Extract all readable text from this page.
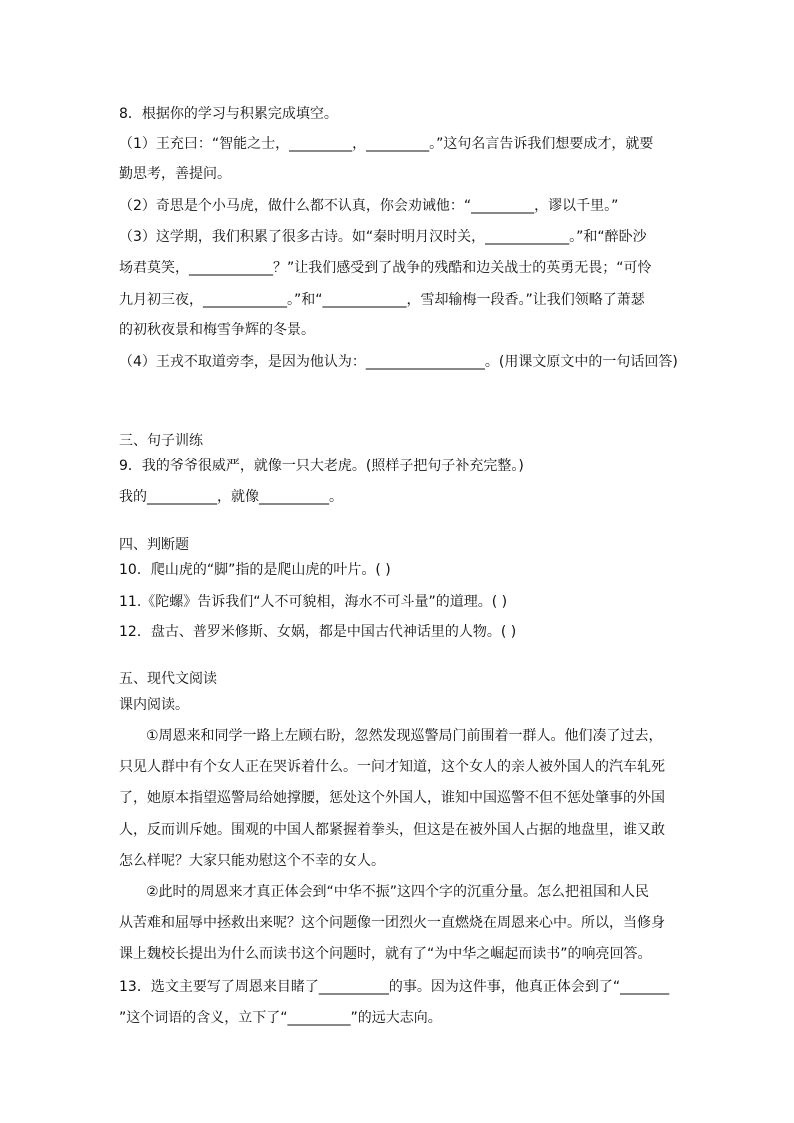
8．根据你的学习与积累完成填空。
（1）王充曰：“智能之士，_________，_________。”这句名言告诉我们想要成才，就要
勤思考，善提问。
（2）奇思是个小马虎，做什么都不认真，你会劝诫他：“_________，谬以千里。”
（3）这学期，我们积累了很多古诗。如“秦时明月汉时关，____________。”和“醉卧沙
场君莫笑，____________？”让我们感受到了战争的残酷和边关战士的英勇无畏；“可怜
九月初三夜，____________。”和“____________，雪却输梅一段香。”让我们领略了萧瑟
的初秋夜景和梅雪争辉的冬景。
（4）王戎不取道旁李，是因为他认为：_________________。(用课文原文中的一句话回答)
三、句子训练
9．我的爷爷很威严，就像一只大老虎。(照样子把句子补充完整。)
我的__________，就像__________。
四、判断题
10．爬山虎的“脚”指的是爬山虎的叶片。( )
11.《陀螺》告诉我们“人不可貌相，海水不可斗量”的道理。( )
12．盘古、普罗米修斯、女娲，都是中国古代神话里的人物。( )
五、现代文阅读
课内阅读。
①周恩来和同学一路上左顾右盼，忽然发现巡警局门前围着一群人。他们凑了过去，
只见人群中有个女人正在哭诉着什么。一问才知道，这个女人的亲人被外国人的汽车轧死
了，她原本指望巡警局给她撑腰，惩处这个外国人，谁知中国巡警不但不惩处肇事的外国
人，反而训斥她。围观的中国人都紧握着拳头，但这是在被外国人占据的地盘里，谁又敢
怎么样呢？大家只能劝慰这个不幸的女人。
②此时的周恩来才真正体会到“中华不振”这四个字的沉重分量。怎么把祖国和人民
从苦难和屈辱中拯救出来呢？这个问题像一团烈火一直燃烧在周恩来心中。所以，当修身
课上魏校长提出为什么而读书这个问题时，就有了“为中华之崛起而读书”的响亮回答。
13．选文主要写了周恩来目睹了__________的事。因为这件事，他真正体会到了“_______
”这个词语的含义，立下了“_________”的远大志向。
